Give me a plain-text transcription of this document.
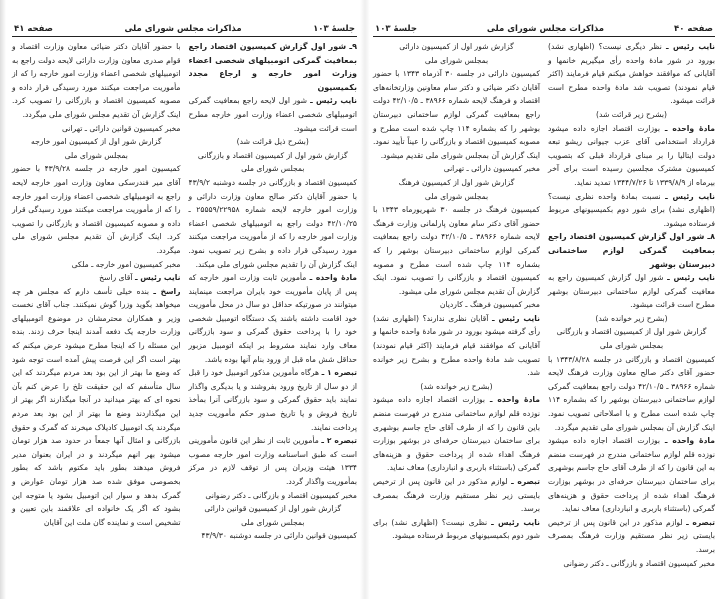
جلسهٔ ۱۰۳
مذاکرات مجلس شورای ملی
صفحه ۴۱

۹ـ شور اول گزارش کمیسیون اقتصاد راجع بمعافیت گمرکی اتومبیلهای شخصی اعضاء وزارت امور خارجه و ارجاع مجدد بکمیسیون

نایب رئیس ـ شور اول لایحه راجع بمعافیت گمرکی اتومبیلهای شخصی اعضاء وزارت امور خارجه مطرح است قرائت میشود.

(بشرح ذیل قرائت شد)

گزارش شور اول از کمیسیون اقتصاد و بازرگانی

بمجلس شورای ملی

کمیسیون اقتصاد و بازرگانی در جلسه دوشنبه ۴۳/۹/۲ با حضور آقایان دکتر صالح معاون وزارت دارائی و وزارت امور خارجه لایحه شماره ۲۵۵۵۹/۲۲۹۵۸ ـ ۴۲/۱۰/۲۵ دولت راجع به اتومبیلهای شخصی اعضاء وزارت امور خارجه را که از مأموریت مراجعت میکنند مورد رسیدگی قرار داده و بشرح زیر تصویب نمود. اینک گزارش آن را تقدیم مجلس شورای ملی میکند.

مادهٔ واحده ـ مأمورین ثابت وزارت امور خارجه که پس از پایان مأموریت خود بایران مراجعت مینمایند میتوانند در صورتیکه حداقل دو سال در محل مأموریت خود اقامت داشته باشند یک دستگاه اتومبیل شخصی خود را با پرداخت حقوق گمرکی و سود بازرگانی معاف وارد نمایند مشروط بر اینکه اتومبیل مزبور حداقل شش ماه قبل از ورود بنام آنها بوده باشد.

تبصره ۱ ـ هرگاه مأمورین مذکور اتومبیل خود را قبل از دو سال از تاریخ ورود بفروشند و یا بدیگری واگذار نمایند باید حقوق گمرکی و سود بازرگانی آنرا بمأخذ تاریخ فروش و یا تاریخ صدور حکم مأموریت جدید پرداخت نمایند.

تبصره ۲ ـ مأمورین ثابت از نظر این قانون مأمورینی است که طبق اساسنامه وزارت امور خارجه مصوب ۱۳۳۴ هیئت وزیران پس از توقف لازم در مرکز بمأموریت واگذار گردد.

مخبر کمیسیون اقتصاد و بازرگانی ـ دکتر رضوانی

گزارش شور اول از کمیسیون قوانین دارائی

بمجلس شورای ملی

کمیسیون قوانین دارائی در جلسه دوشنبه ۴۳/۹/۳۰

با حضور آقایان دکتر ضیائی معاون وزارت اقتصاد و قوام صدری معاون وزارت دارائی لایحه دولت راجع به اتومبیلهای شخصی اعضاء وزارت امور خارجه را که از مأموریت مراجعت میکنند مورد رسیدگی قرار داده و مصوبه کمیسیون اقتصاد و بازرگانی را تصویب کرد. اینک گزارش آن تقدیم مجلس شورای ملی میگردد.

مخبر کمیسیون قوانین دارائی ـ تهرانی

گزارش شور اول از کمیسیون امور خارجه

بمجلس شورای ملی

کمیسیون امور خارجه در جلسه ۴۳/۹/۲۸ با حضور آقای میر فندرسکی معاون وزارت امور خارجه لایحه راجع به اتومبیلهای شخصی اعضاء وزارت امور خارجه را که از مأموریت مراجعت میکنند مورد رسیدگی قرار داده و مصوبه کمیسیون اقتصاد و بازرگانی را تصویب کرد. اینک گزارش آن تقدیم مجلس شورای ملی میگردد.

مخبر کمیسیون امور خارجه ـ ملکی

نایب رئیس ـ آقای راسخ

راسخ ـ بنده خیلی تأسف دارم که مجلس هر چه میخواهد بگوید وزرا گوش نمیکنند. جناب آقای نخست وزیر و همکاران محترمشان در موضوع اتومبیلهای وزارت خارجه یک دفعه آمدند اینجا حرف زدند. بنده این مسئله را که اینجا مطرح میشود عرض میکنم که بهتر است اگر این فرصت پیش آمده است توجه شود که وضع ما بهتر از این بود بعد مردم میگردند که این سال متأسفم که این حقیقت تلخ را عرض کنم بآن نحوه ای که بهتر میدانید در آنجا میگذارند اگر بهتر از این میگذاردند وضع ما بهتر از این بود بعد مردم میگردند یک اتومبیل کادیلاک میخرند که گمرک و حقوق بازرگانی و امثال آنها جمعاً در حدود صد هزار تومان میشود بهر انهم میگردند و در ایران بعنوان مدیر فروش میدهند بطور باید مکتوم باشد که بطور بخصوصی موفق شده صد هزار تومان عوارض و گمرک بدهد و سوار این اتومبیل بشود یا متوجه این بشود که اگر یک خانواده ای علاقمند باین تعیین و تشخیص است و نماینده گان ملت این آقایان

صفحه ۴۰
مذاکرات مجلس شورای ملی
جلسهٔ ۱۰۳

نایب رئیس ـ نظر دیگری نیست؟ (اظهاری نشد) بورود در شور مادهٔ واحده رأی میگیریم خانمها و آقایانی که موافقند خواهش میکنم قیام فرمایند (اکثر قیام نمودند) تصویب شد مادهٔ واحده مطرح است قرائت میشود.

(بشرح زیر قرائت شد)

مادهٔ واحده ـ بوزارت اقتصاد اجازه داده میشود قرارداد استخدامی آقای عزب جیوانی ریشو تبعه دولت ایتالیا را بر مبنای قرارداد قبلی که بتصویب کمیسیون مشترک مجلسین رسیده است برای آخر بیرماه از ۱۳۳۹/۸/۹ تا ۱۳۴۴/۷/۲۶ تمدید نماید.

نایب رئیس ـ نسبت بمادهٔ واحده نظری نیست؟ (اظهاری نشد) برای شور دوم بکمیسیونهای مربوط فرستاده میشود.

۸ـ شور اول گزارش کمیسیون اقتصاد راجع بمعافیت گمرکی لوازم ساختمانی دبیرستان بوشهر

نایب رئیس ـ شور اول گزارش کمیسیون راجع به معافیت گمرکی لوازم ساختمانی دبیرستان بوشهر مطرح است قرائت میشود.

(بشرح زیر خوانده شد)

گزارش شور اول از کمیسیون اقتصاد و بازرگانی

بمجلس شورای ملی

کمیسیون اقتصاد و بازرگانی در جلسه ۱۳۴۳/۸/۲۸ با حضور آقای دکتر صالح معاون وزارت فرهنگ لایحه شماره ۳۸۹۶۶ ـ ۴۲/۱۰/۵ دولت راجع بمعافیت گمرکی لوازم ساختمانی دبیرستان بوشهر را که بشماره ۱۱۴ چاپ شده است مطرح و با اصلاحاتی تصویب نمود. اینک گزارش آن بمجلس شورای ملی تقدیم میگردد.

مادهٔ واحده ـ بوزارت اقتصاد اجازه داده میشود نوزده قلم لوازم ساختمانی مندرج در فهرست منضم به این قانون را که از طرف آقای حاج جاسم بوشهری برای ساختمان دبیرستان حرفه‌ای در بوشهر بوزارت فرهنگ اهداء شده از پرداخت حقوق و هزینه‌های گمرکی (باستثناء باربری و انبارداری) معاف نماید.

تبصره ـ لوازم مذکور در این قانون پس از ترخیص بایستی زیر نظر مستقیم وزارت فرهنگ بمصرف برسد.

مخبر کمیسیون اقتصاد و بازرگانی ـ دکتر رضوانی

گزارش شور اول از کمیسیون دارائی

بمجلس شورای ملی

کمیسیون دارائی در جلسه ۳۰ آذرماه ۱۳۴۳ با حضور آقایان دکتر ضیائی و دکتر سام معاونین وزارتخانه‌های اقتصاد و فرهنگ لایحه شماره ۳۸۹۶۶ ـ ۴۲/۱۰/۵ دولت راجع بمعافیت گمرکی لوازم ساختمانی دبیرستان بوشهر را که بشماره ۱۱۴ چاپ شده است مطرح و مصوبه کمیسیون اقتصاد و بازرگانی را عیناً تأیید نمود. اینک گزارش آن بمجلس شورای ملی تقدیم میشود.

مخبر کمیسیون دارائی ـ تهرانی

گزارش شور اول از کمیسیون فرهنگ

بمجلس شورای ملی

کمیسیون فرهنگ در جلسه ۳۰ شهریورماه ۱۳۴۳ با حضور آقای دکتر سام معاون پارلمانی وزارت فرهنگ لایحه شماره ۳۸۹۶۶ ـ ۴۲/۱۰/۵ دولت راجع بمعافیت گمرکی لوازم ساختمانی دبیرستان بوشهر را که بشماره ۱۱۴ چاپ شده است مطرح و مصوبه کمیسیون اقتصاد و بازرگانی را تصویب نمود. اینک گزارش آن تقدیم مجلس شورای ملی میشود.

مخبر کمیسیون فرهنگ ـ کاردیان

نایب رئیس ـ آقایان نظری ندارند؟ (اظهاری نشد) رأی گرفته میشود بورود در شور مادهٔ واحده خانمها و آقایانی که موافقند قیام فرمایند (اکثر قیام نمودند) تصویب شد مادهٔ واحده مطرح و بشرح زیر خوانده شد.

(بشرح زیر خوانده شد)

مادهٔ واحده ـ بوزارت اقتصاد اجازه داده میشود نوزده قلم لوازم ساختمانی مندرج در فهرست منضم باین قانون را که از طرف آقای حاج جاسم بوشهری برای ساختمان دبیرستان حرفه‌ای در بوشهر بوزارت فرهنگ اهداء شده از پرداخت حقوق و هزینه‌های گمرکی (باستثناء باربری و انبارداری) معاف نماید.

تبصره ـ لوازم مذکور در این قانون پس از ترخیص بایستی زیر نظر مستقیم وزارت فرهنگ بمصرف برسد.

نایب رئیس ـ نظری نیست؟ (اظهاری نشد) برای شور دوم بکمیسیونهای مربوط فرستاده میشود.
